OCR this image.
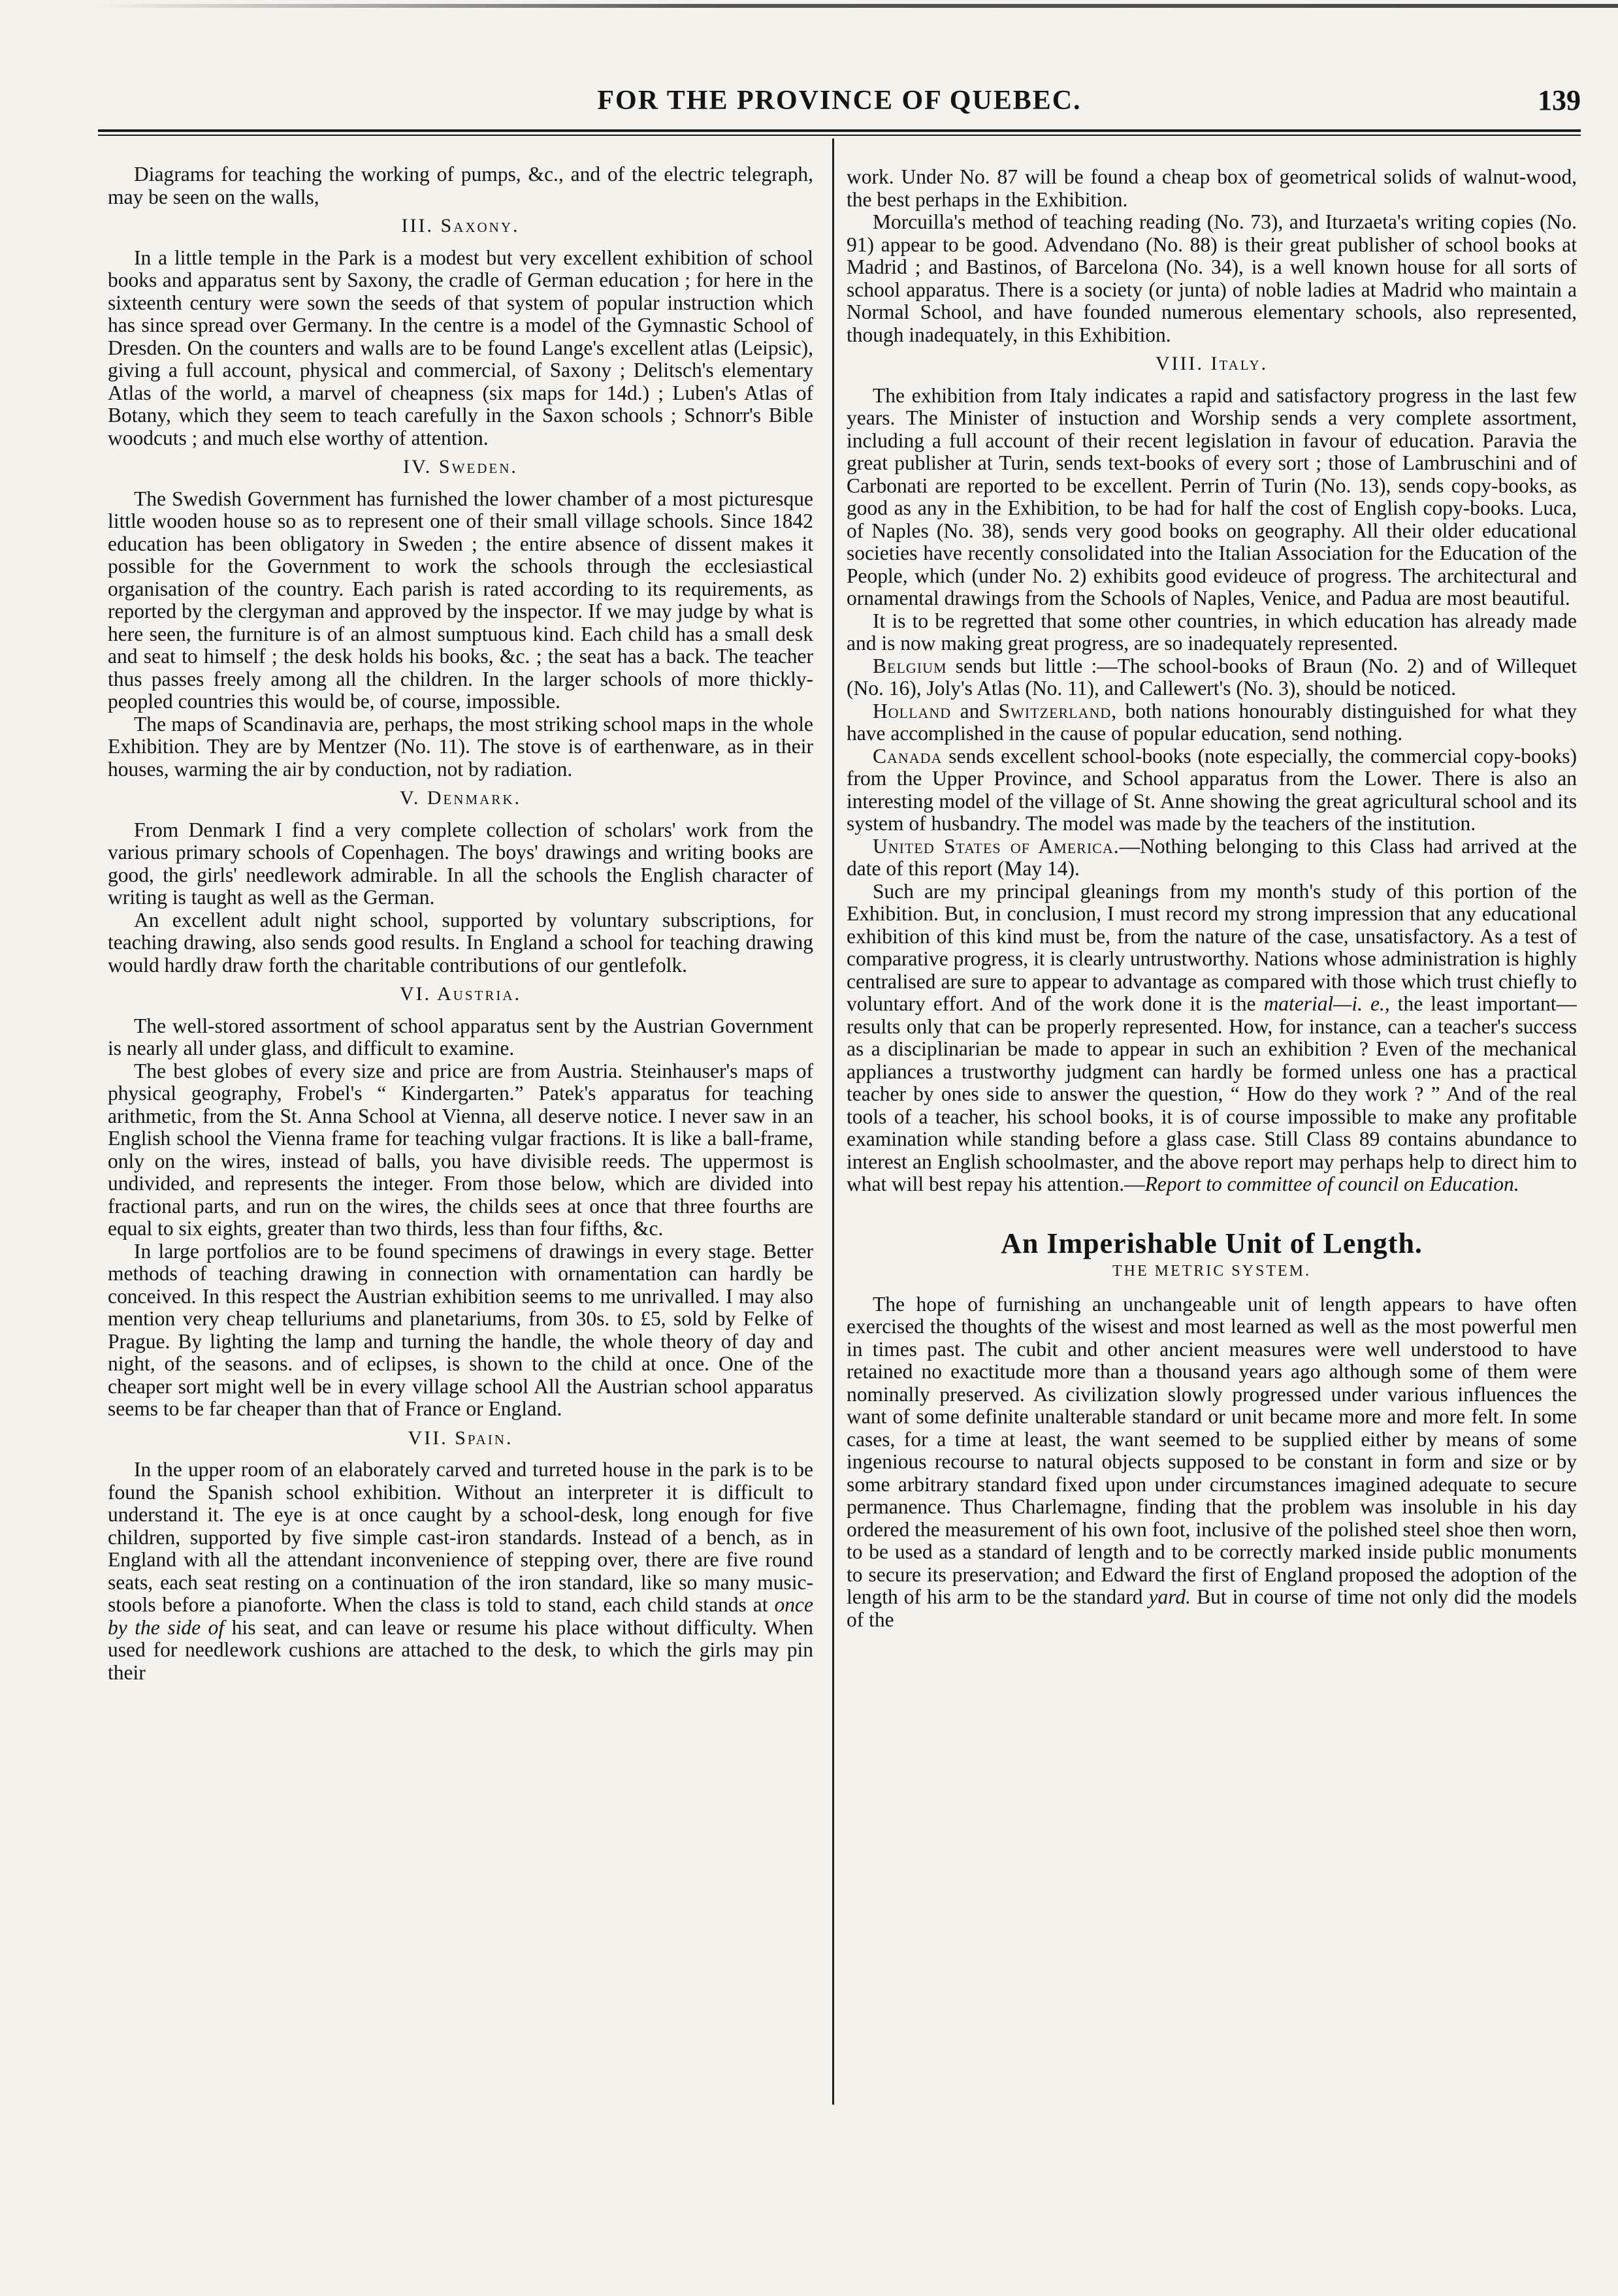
FOR THE PROVINCE OF QUEBEC.	139

Diagrams for teaching the working of pumps, &c., and of the electric telegraph, may be seen on the walls,

III. Saxony.

In a little temple in the Park is a modest but very excellent exhibition of school books and apparatus sent by Saxony, the cradle of German education ; for here in the sixteenth century were sown the seeds of that system of popular instruction which has since spread over Germany. In the centre is a model of the Gymnastic School of Dresden. On the counters and walls are to be found Lange's excellent atlas (Leipsic), giving a full account, physical and commercial, of Saxony ; Delitsch's elementary Atlas of the world, a marvel of cheapness (six maps for 14d.) ; Luben's Atlas of Botany, which they seem to teach carefully in the Saxon schools ; Schnorr's Bible woodcuts ; and much else worthy of attention.

IV. Sweden.

The Swedish Government has furnished the lower chamber of a most picturesque little wooden house so as to represent one of their small village schools. Since 1842 education has been obligatory in Sweden ; the entire absence of dissent makes it possible for the Government to work the schools through the ecclesiastical organisation of the country. Each parish is rated according to its requirements, as reported by the clergyman and approved by the inspector. If we may judge by what is here seen, the furniture is of an almost sumptuous kind. Each child has a small desk and seat to himself ; the desk holds his books, &c. ; the seat has a back. The teacher thus passes freely among all the children. In the larger schools of more thickly-peopled countries this would be, of course, impossible.

The maps of Scandinavia are, perhaps, the most striking school maps in the whole Exhibition. They are by Mentzer (No. 11). The stove is of earthenware, as in their houses, warming the air by conduction, not by radiation.

V. Denmark.

From Denmark I find a very complete collection of scholars' work from the various primary schools of Copenhagen. The boys' drawings and writing books are good, the girls' needlework admirable. In all the schools the English character of writing is taught as well as the German.

An excellent adult night school, supported by voluntary subscriptions, for teaching drawing, also sends good results. In England a school for teaching drawing would hardly draw forth the charitable contributions of our gentlefolk.

VI. Austria.

The well-stored assortment of school apparatus sent by the Austrian Government is nearly all under glass, and difficult to examine.

The best globes of every size and price are from Austria. Steinhauser's maps of physical geography, Frobel's “ Kindergarten.” Patek's apparatus for teaching arithmetic, from the St. Anna School at Vienna, all deserve notice. I never saw in an English school the Vienna frame for teaching vulgar fractions. It is like a ball-frame, only on the wires, instead of balls, you have divisible reeds. The uppermost is undivided, and represents the integer. From those below, which are divided into fractional parts, and run on the wires, the childs sees at once that three fourths are equal to six eights, greater than two thirds, less than four fifths, &c.

In large portfolios are to be found specimens of drawings in every stage. Better methods of teaching drawing in connection with ornamentation can hardly be conceived. In this respect the Austrian exhibition seems to me unrivalled. I may also mention very cheap telluriums and planetariums, from 30s. to £5, sold by Felke of Prague. By lighting the lamp and turning the handle, the whole theory of day and night, of the seasons. and of eclipses, is shown to the child at once. One of the cheaper sort might well be in every village school All the Austrian school apparatus seems to be far cheaper than that of France or England.

VII. Spain.

In the upper room of an elaborately carved and turreted house in the park is to be found the Spanish school exhibition. Without an interpreter it is difficult to understand it. The eye is at once caught by a school-desk, long enough for five children, supported by five simple cast-iron standards. Instead of a bench, as in England with all the attendant inconvenience of stepping over, there are five round seats, each seat resting on a continuation of the iron standard, like so many music-stools before a pianoforte. When the class is told to stand, each child stands at once by the side of his seat, and can leave or resume his place without difficulty. When used for needlework cushions are attached to the desk, to which the girls may pin their

work. Under No. 87 will be found a cheap box of geometrical solids of walnut-wood, the best perhaps in the Exhibition.

Morcuilla's method of teaching reading (No. 73), and Iturzaeta's writing copies (No. 91) appear to be good. Advendano (No. 88) is their great publisher of school books at Madrid ; and Bastinos, of Barcelona (No. 34), is a well known house for all sorts of school apparatus. There is a society (or junta) of noble ladies at Madrid who maintain a Normal School, and have founded numerous elementary schools, also represented, though inadequately, in this Exhibition.

VIII. Italy.

The exhibition from Italy indicates a rapid and satisfactory progress in the last few years. The Minister of instuction and Worship sends a very complete assortment, including a full account of their recent legislation in favour of education. Paravia the great publisher at Turin, sends text-books of every sort ; those of Lambruschini and of Carbonati are reported to be excellent. Perrin of Turin (No. 13), sends copy-books, as good as any in the Exhibition, to be had for half the cost of English copy-books. Luca, of Naples (No. 38), sends very good books on geography. All their older educational societies have recently consolidated into the Italian Association for the Education of the People, which (under No. 2) exhibits good evideuce of progress. The architectural and ornamental drawings from the Schools of Naples, Venice, and Padua are most beautiful.

It is to be regretted that some other countries, in which education has already made and is now making great progress, are so inadequately represented.

Belgium sends but little :—The school-books of Braun (No. 2) and of Willequet (No. 16), Joly's Atlas (No. 11), and Callewert's (No. 3), should be noticed.

Holland and Switzerland, both nations honourably distinguished for what they have accomplished in the cause of popular education, send nothing.

Canada sends excellent school-books (note especially, the commercial copy-books) from the Upper Province, and School apparatus from the Lower. There is also an interesting model of the village of St. Anne showing the great agricultural school and its system of husbandry. The model was made by the teachers of the institution.

United States of America.—Nothing belonging to this Class had arrived at the date of this report (May 14).

Such are my principal gleanings from my month's study of this portion of the Exhibition. But, in conclusion, I must record my strong impression that any educational exhibition of this kind must be, from the nature of the case, unsatisfactory. As a test of comparative progress, it is clearly untrustworthy. Nations whose administration is highly centralised are sure to appear to advantage as compared with those which trust chiefly to voluntary effort. And of the work done it is the material—i. e., the least important—results only that can be properly represented. How, for instance, can a teacher's success as a disciplinarian be made to appear in such an exhibition ? Even of the mechanical appliances a trustworthy judgment can hardly be formed unless one has a practical teacher by ones side to answer the question, “ How do they work ? ” And of the real tools of a teacher, his school books, it is of course impossible to make any profitable examination while standing before a glass case. Still Class 89 contains abundance to interest an English schoolmaster, and the above report may perhaps help to direct him to what will best repay his attention.—Report to committee of council on Education.

An Imperishable Unit of Length.
THE METRIC SYSTEM.

The hope of furnishing an unchangeable unit of length appears to have often exercised the thoughts of the wisest and most learned as well as the most powerful men in times past. The cubit and other ancient measures were well understood to have retained no exactitude more than a thousand years ago although some of them were nominally preserved. As civilization slowly progressed under various influences the want of some definite unalterable standard or unit became more and more felt. In some cases, for a time at least, the want seemed to be supplied either by means of some ingenious recourse to natural objects supposed to be constant in form and size or by some arbitrary standard fixed upon under circumstances imagined adequate to secure permanence. Thus Charlemagne, finding that the problem was insoluble in his day ordered the measurement of his own foot, inclusive of the polished steel shoe then worn, to be used as a standard of length and to be correctly marked inside public monuments to secure its preservation; and Edward the first of England proposed the adoption of the length of his arm to be the standard yard. But in course of time not only did the models of the
